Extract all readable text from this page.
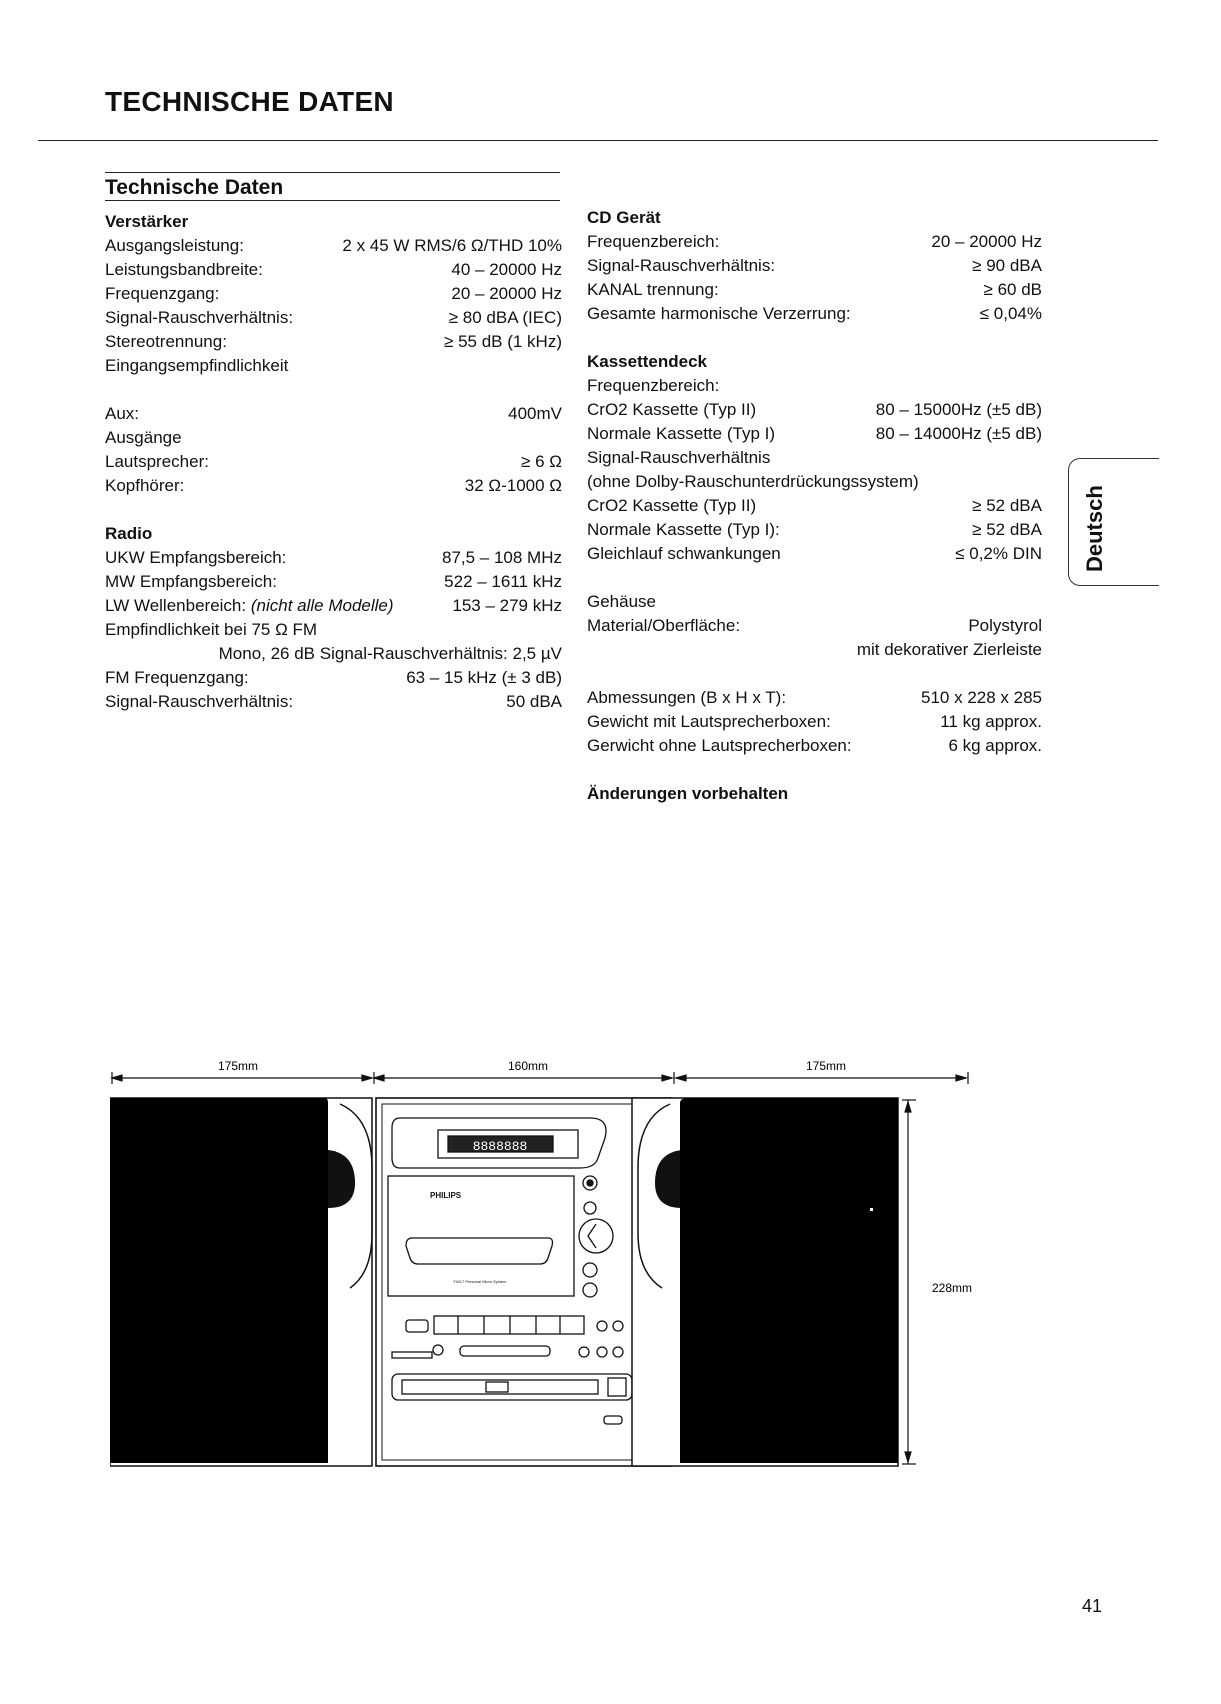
TECHNISCHE DATEN
Technische Daten
Verstärker
Ausgangsleistung:	2 x 45 W RMS/6 Ω/THD 10%
Leistungsbandbreite:	40 – 20000 Hz
Frequenzgang:	20 – 20000 Hz
Signal-Rauschverhältnis:	≥ 80 dBA (IEC)
Stereotrennung:	≥ 55 dB (1 kHz)
Eingangsempfindlichkeit
Aux:	400mV
Ausgänge
Lautsprecher:	≥ 6 Ω
Kopfhörer:	32 Ω-1000 Ω
Radio
UKW Empfangsbereich:	87,5 – 108 MHz
MW Empfangsbereich:	522 – 1611 kHz
LW Wellenbereich: (nicht alle Modelle)	153 – 279 kHz
Empfindlichkeit bei 75 Ω FM
Mono, 26 dB Signal-Rauschverhältnis: 2,5 µV
FM Frequenzgang:	63 – 15 kHz (± 3 dB)
Signal-Rauschverhältnis:	50 dBA
CD Gerät
Frequenzbereich:	20 – 20000 Hz
Signal-Rauschverhältnis:	≥ 90 dBA
KANAL trennung:	≥ 60 dB
Gesamte harmonische Verzerrung:	≤ 0,04%
Kassettendeck
Frequenzbereich:
CrO2 Kassette (Typ II)	80 – 15000Hz (±5 dB)
Normale Kassette (Typ I)	80 – 14000Hz (±5 dB)
Signal-Rauschverhältnis
(ohne Dolby-Rauschunterdrückungssystem)
CrO2 Kassette (Typ II)	≥ 52 dBA
Normale Kassette (Typ I):	≥ 52 dBA
Gleichlauf schwankungen	≤ 0,2% DIN
Gehäuse
Material/Oberfläche:	Polystyrol
mit dekorativer Zierleiste
Abmessungen (B x H x T):	510 x 228 x 285
Gewicht mit Lautsprecherboxen:	11 kg approx.
Gerwicht ohne Lautsprecherboxen:	6 kg approx.
Änderungen vorbehalten
Deutsch
175mm	160mm	175mm
8888888
PHILIPS
FW17 Personal Micro System	228mm
41
